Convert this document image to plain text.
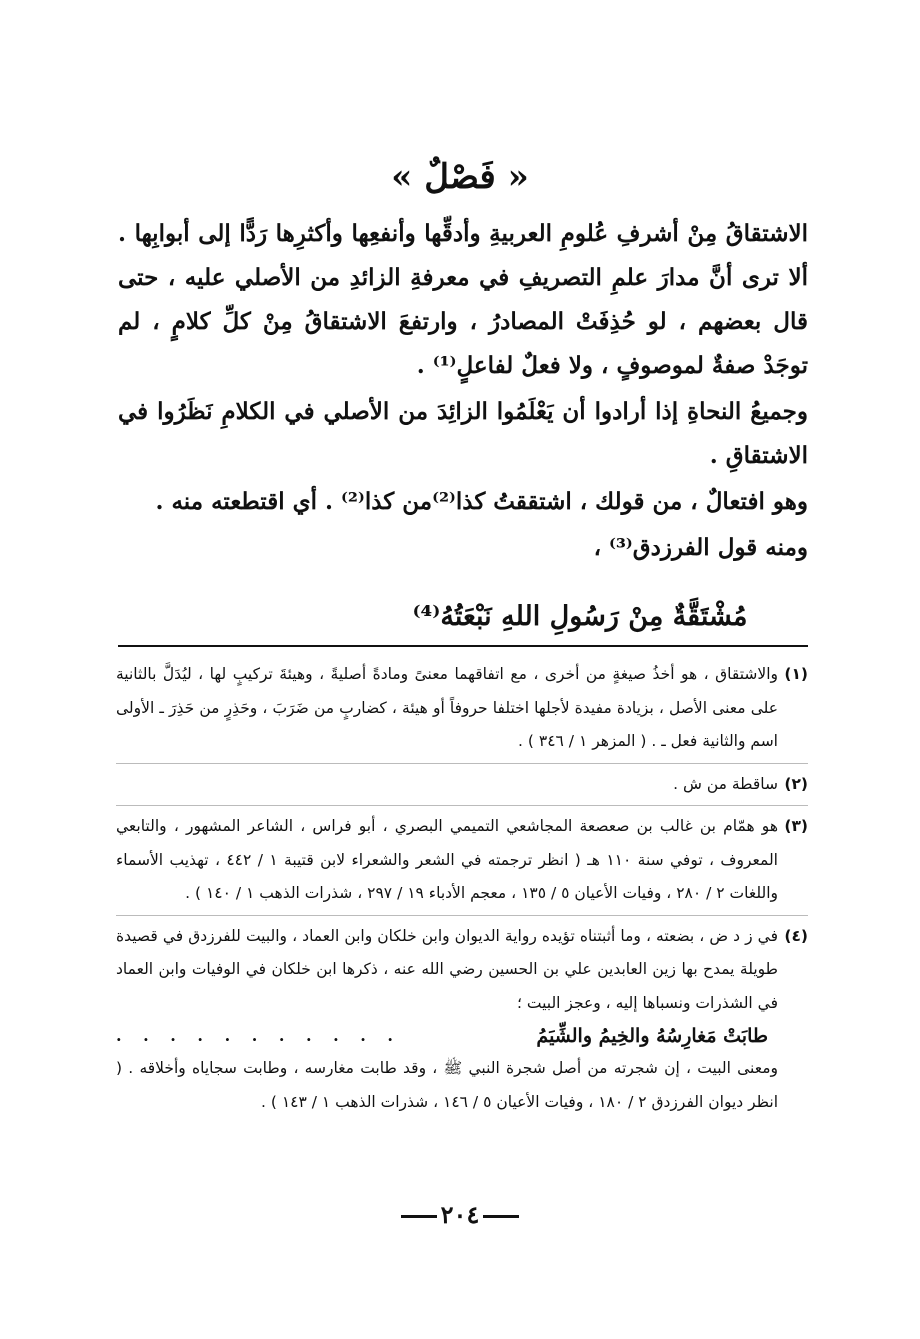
« فَصْلٌ »

الاشتقاقُ مِنْ أشرفِ عُلومِ العربيةِ وأدقِّها وأنفعِها وأكثرِها رَدًّا إلى أبوابِها . ألا ترى أنَّ مدارَ علمِ التصريفِ في معرفةِ الزائدِ من الأصلي عليه ، حتى قال بعضهم ، لو حُذِفَتْ المصادرُ ، وارتفعَ الاشتقاقُ مِنْ كلِّ كلامٍ ، لم توجَدْ صفةٌ لموصوفٍ ، ولا فعلٌ لفاعلٍ⁽¹⁾ .

وجميعُ النحاةِ إذا أرادوا أن يَعْلَمُوا الزائِدَ من الأصلي في الكلامِ نَظَرُوا في الاشتقاقِ .

وهو افتعالٌ ، من قولك ، اشتققتُ كذا⁽²⁾من كذا⁽²⁾ . أي اقتطعته منه .

ومنه قول الفرزدق⁽³⁾ ،

مُشْتَقَّةٌ مِنْ رَسُولِ اللهِ نَبْعَتُهُ⁽⁴⁾
(١)
والاشتقاق ، هو أخذُ صيغةٍ من أخرى ، مع اتفاقهما معنىً ومادةً أصليةً ، وهيئةَ تركيبٍ لها ، ليُدَلَّ بالثانية على معنى الأصل ، بزيادة مفيدة لأجلها اختلفا حروفاً أو هيئة ، كضاربٍ من ضَرَبَ ، وحَذِرٍ من حَذِرَ ـ الأولى اسم والثانية فعل ـ . ( المزهر ١ / ٣٤٦ ) .
(٢)
ساقطة من ش .
(٣)
هو همّام بن غالب بن صعصعة المجاشعي التميمي البصري ، أبو فراس ، الشاعر المشهور ، والتابعي المعروف ، توفي سنة ١١٠ هـ ( انظر ترجمته في الشعر والشعراء لابن قتيبة ١ / ٤٤٢ ، تهذيب الأسماء واللغات ٢ / ٢٨٠ ، وفيات الأعيان ٥ / ١٣٥ ، معجم الأدباء ١٩ / ٢٩٧ ، شذرات الذهب ١ / ١٤٠ ) .
(٤)
في ز د ض ، بضعته ، وما أثبتناه تؤيده رواية الديوان وابن خلكان وابن العماد ، والبيت للفرزدق في قصيدة طويلة يمدح بها زين العابدين علي بن الحسين رضي الله عنه ، ذكرها ابن خلكان في الوفيات وابن العماد في الشذرات ونسباها إليه ، وعجز البيت ؛
طابَتْ مَغارِسُهُ والخِيمُ والشِّيَمُ
. . . . . . . . . . .
ومعنى البيت ، إن شجرته من أصل شجرة النبي ﷺ ، وقد طابت مغارسه ، وطابت سجاياه وأخلاقه . ( انظر ديوان الفرزدق ٢ / ١٨٠ ، وفيات الأعيان ٥ / ١٤٦ ، شذرات الذهب ١ / ١٤٣ ) .
٢٠٤
